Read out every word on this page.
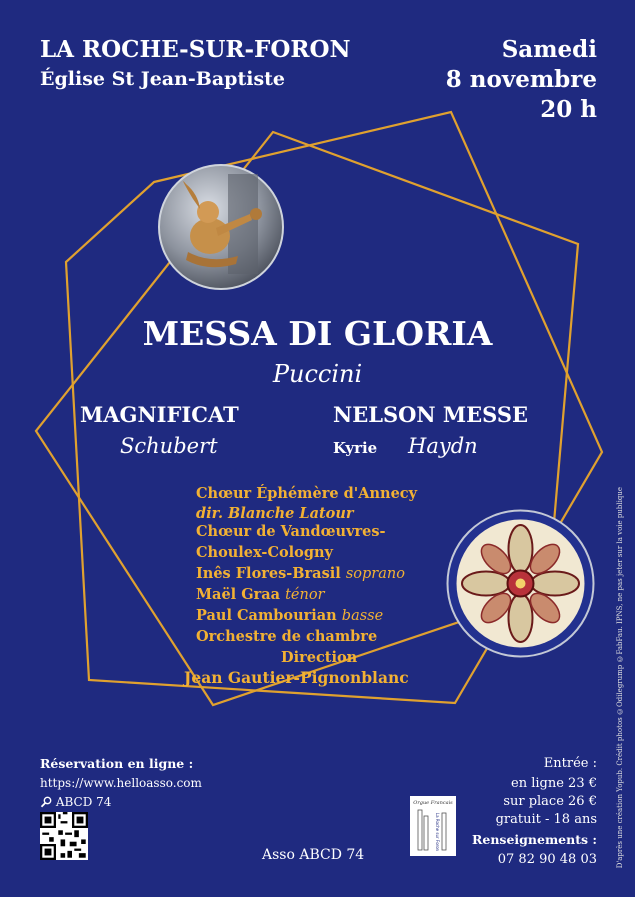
LA ROCHE-SUR-FORON
Église St Jean-Baptiste
Samedi
8 novembre
20 h
MESSA DI GLORIA
Puccini
MAGNIFICAT
Schubert
NELSON MESSE
Kyrie Haydn
Chœur Éphémère d'Annecy
dir. Blanche Latour
Chœur de Vandœuvres-
Choulex-Cologny
Inês Flores-Brasil soprano
Maël Graa ténor
Paul Cambourian basse
Orchestre de chambre
Direction
Jean Gautier-Pignonblanc
Réservation en ligne :
https://www.helloasso.com
ABCD 74
Asso ABCD 74
Orgue Francais
La Roche sur Foron
Entrée :
en ligne 23 €
sur place 26 €
gratuit - 18 ans
Renseignements :
07 82 90 48 03	D'après une création Yopub. Crédit photos ©Odilegrump ©FabFau. IPNS, ne pas jeter sur la voie publique
